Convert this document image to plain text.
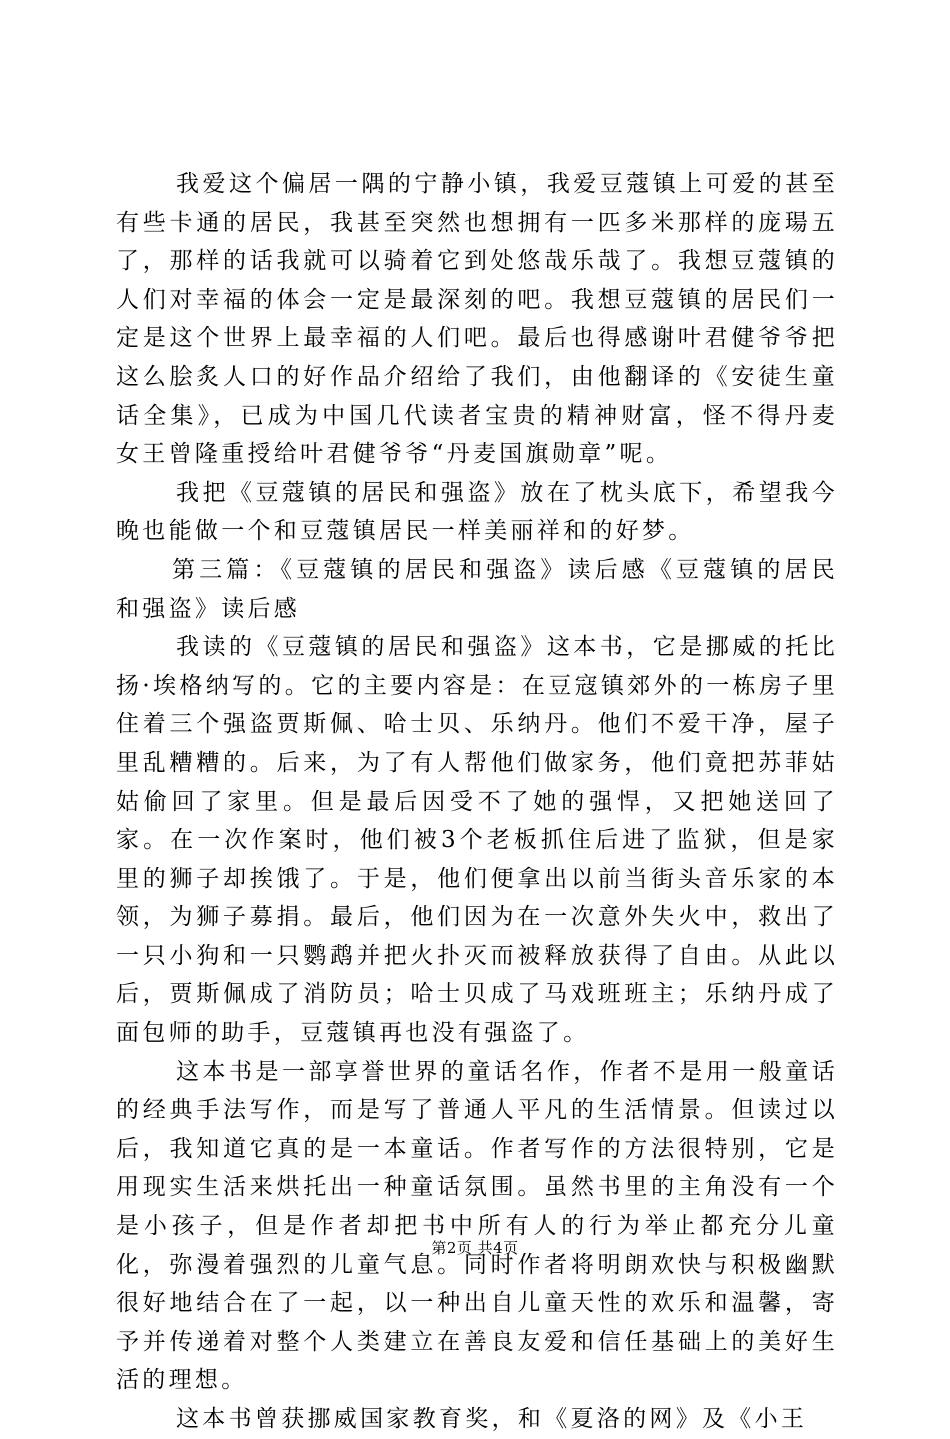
我爱这个偏居一隅的宁静小镇，我爱豆蔻镇上可爱的甚至有些卡通的居民，我甚至突然也想拥有一匹多米那样的庞瑒五了，那样的话我就可以骑着它到处悠哉乐哉了。我想豆蔻镇的人们对幸福的体会一定是最深刻的吧。我想豆蔻镇的居民们一定是这个世界上最幸福的人们吧。最后也得感谢叶君健爷爷把这么脍炙人口的好作品介绍给了我们，由他翻译的《安徒生童话全集》，已成为中国几代读者宝贵的精神财富，怪不得丹麦女王曾隆重授给叶君健爷爷“丹麦国旗勋章”呢。

我把《豆蔻镇的居民和强盗》放在了枕头底下，希望我今晚也能做一个和豆蔻镇居民一样美丽祥和的好梦。

第三篇：《豆蔻镇的居民和强盗》读后感《豆蔻镇的居民和强盗》读后感

我读的《豆蔻镇的居民和强盗》这本书，它是挪威的托比扬·埃格纳写的。它的主要内容是：在豆寇镇郊外的一栋房子里住着三个强盗贾斯佩、哈士贝、乐纳丹。他们不爱干净，屋子里乱糟糟的。后来，为了有人帮他们做家务，他们竟把苏菲姑姑偷回了家里。但是最后因受不了她的强悍，又把她送回了家。在一次作案时，他们被3个老板抓住后进了监狱，但是家里的狮子却挨饿了。于是，他们便拿出以前当街头音乐家的本领，为狮子募捐。最后，他们因为在一次意外失火中，救出了一只小狗和一只鹦鹉并把火扑灭而被释放获得了自由。从此以后，贾斯佩成了消防员；哈士贝成了马戏班班主；乐纳丹成了面包师的助手，豆蔻镇再也没有强盗了。

这本书是一部享誉世界的童话名作，作者不是用一般童话的经典手法写作，而是写了普通人平凡的生活情景。但读过以后，我知道它真的是一本童话。作者写作的方法很特别，它是用现实生活来烘托出一种童话氛围。虽然书里的主角没有一个是小孩子，但是作者却把书中所有人的行为举止都充分儿童化，弥漫着强烈的儿童气息。同时作者将明朗欢快与积极幽默很好地结合在了一起，以一种出自儿童天性的欢乐和温馨，寄予并传递着对整个人类建立在善良友爱和信任基础上的美好生活的理想。

这本书曾获挪威国家教育奖，和《夏洛的网》及《小王

第2页 共4页
